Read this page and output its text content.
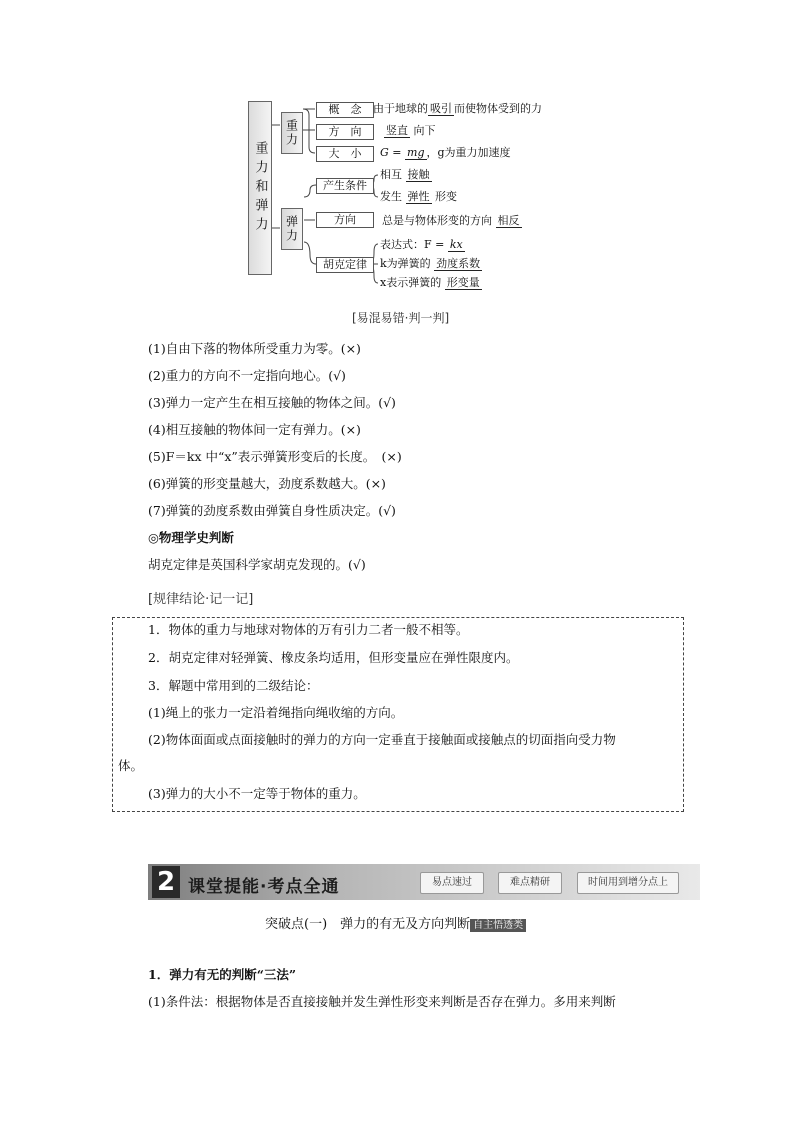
重力和弹力
重力
弹力
概　念	由于地球的 吸引 而使物体受到的力
方　向	竖直 向下
大　小	G = mg ，g为重力加速度
产生条件
相互 接触
发生 弹性 形变
方向	总是与物体形变的方向 相反
胡克定律
表达式：F = kx
k为弹簧的 劲度系数
x表示弹簧的 形变量
[易混易错·判一判]
(1)自由下落的物体所受重力为零。(×)
(2)重力的方向不一定指向地心。(√)
(3)弹力一定产生在相互接触的物体之间。(√)
(4)相互接触的物体间一定有弹力。(×)
(5)F＝kx 中“x”表示弹簧形变后的长度。　(×)
(6)弹簧的形变量越大，劲度系数越大。(×)
(7)弹簧的劲度系数由弹簧自身性质决定。(√)
◎物理学史判断
胡克定律是英国科学家胡克发现的。(√)
[规律结论·记一记]
1．物体的重力与地球对物体的万有引力二者一般不相等。
2．胡克定律对轻弹簧、橡皮条均适用，但形变量应在弹性限度内。
3．解题中常用到的二级结论：
(1)绳上的张力一定沿着绳指向绳收缩的方向。
(2)物体面面或点面接触时的弹力的方向一定垂直于接触面或接触点的切面指向受力物
体。
(3)弹力的大小不一定等于物体的重力。
2 课堂提能·考点全通	易点速过	难点精研	时间用到增分点上
突破点(一)　弹力的有无及方向判断 自主悟透类
1．弹力有无的判断“三法”
(1)条件法：根据物体是否直接接触并发生弹性形变来判断是否存在弹力。多用来判断
